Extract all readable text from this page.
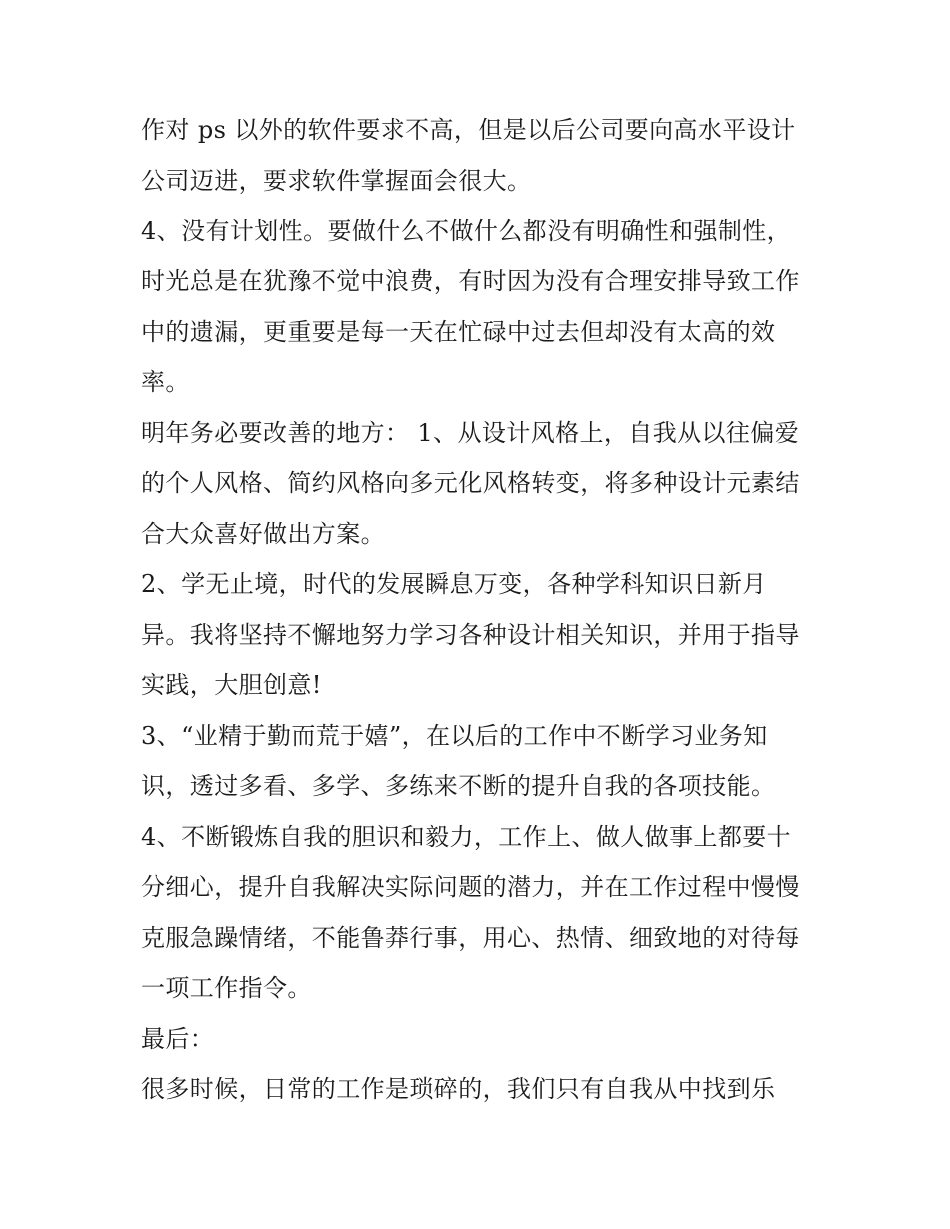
作对 ps 以外的软件要求不高，但是以后公司要向高水平设计
公司迈进，要求软件掌握面会很大。
4、没有计划性。要做什么不做什么都没有明确性和强制性，
时光总是在犹豫不觉中浪费，有时因为没有合理安排导致工作
中的遗漏，更重要是每一天在忙碌中过去但却没有太高的效
率。
明年务必要改善的地方： 1、从设计风格上，自我从以往偏爱
的个人风格、简约风格向多元化风格转变，将多种设计元素结
合大众喜好做出方案。
2、学无止境，时代的发展瞬息万变，各种学科知识日新月
异。我将坚持不懈地努力学习各种设计相关知识，并用于指导
实践，大胆创意!
3、“业精于勤而荒于嬉”，在以后的工作中不断学习业务知
识，透过多看、多学、多练来不断的提升自我的各项技能。
4、不断锻炼自我的胆识和毅力，工作上、做人做事上都要十
分细心，提升自我解决实际问题的潜力，并在工作过程中慢慢
克服急躁情绪，不能鲁莽行事，用心、热情、细致地的对待每
一项工作指令。
最后：
很多时候，日常的工作是琐碎的，我们只有自我从中找到乐
